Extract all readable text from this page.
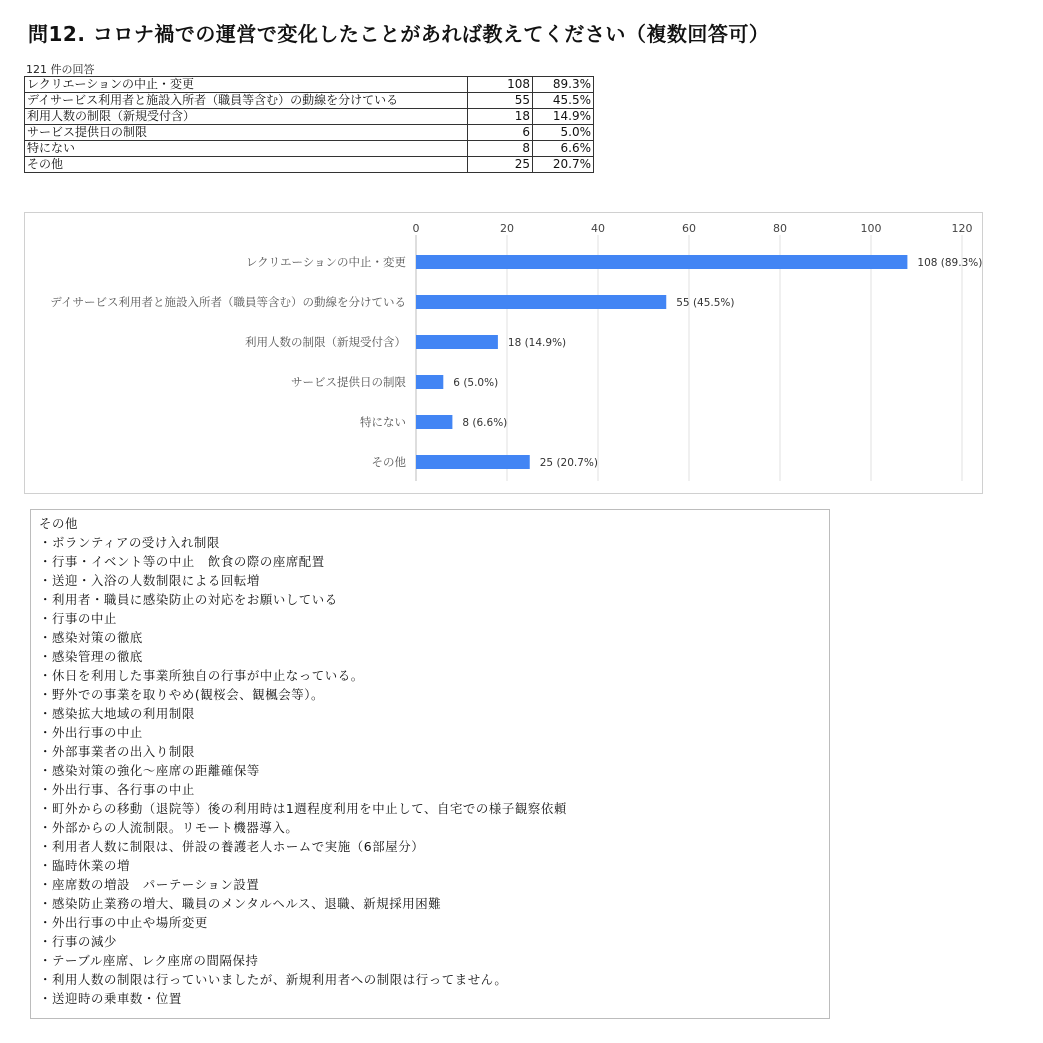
問12. コロナ禍での運営で変化したことがあれば教えてください（複数回答可）
121 件の回答
レクリエーションの中止・変更	108	89.3%
デイサービス利用者と施設入所者（職員等含む）の動線を分けている	55	45.5%
利用人数の制限（新規受付含）	18	14.9%
サービス提供日の制限	6	5.0%
特にない	8	6.6%
その他	25	20.7%
0	20	40	60	80	100	120
レクリエーションの中止・変更	108 (89.3%)
デイサービス利用者と施設入所者（職員等含む）の動線を分けている	55 (45.5%)
利用人数の制限（新規受付含）	18 (14.9%)
サービス提供日の制限	6 (5.0%)
特にない	8 (6.6%)
その他	25 (20.7%)
その他
・ボランティアの受け入れ制限
・行事・イベント等の中止　飲食の際の座席配置
・送迎・入浴の人数制限による回転増
・利用者・職員に感染防止の対応をお願いしている
・行事の中止
・感染対策の徹底
・感染管理の徹底
・休日を利用した事業所独自の行事が中止なっている。
・野外での事業を取りやめ(観桜会、観楓会等）。
・感染拡大地域の利用制限
・外出行事の中止
・外部事業者の出入り制限
・感染対策の強化〜座席の距離確保等
・外出行事、各行事の中止
・町外からの移動（退院等）後の利用時は1週程度利用を中止して、自宅での様子観察依頼
・外部からの人流制限。リモート機器導入。
・利用者人数に制限は、併設の養護老人ホームで実施（6部屋分）
・臨時休業の増
・座席数の増設　パーテーション設置
・感染防止業務の増大、職員のメンタルヘルス、退職、新規採用困難
・外出行事の中止や場所変更
・行事の減少
・テーブル座席、レク座席の間隔保持
・利用人数の制限は行っていいましたが、新規利用者への制限は行ってません。
・送迎時の乗車数・位置
